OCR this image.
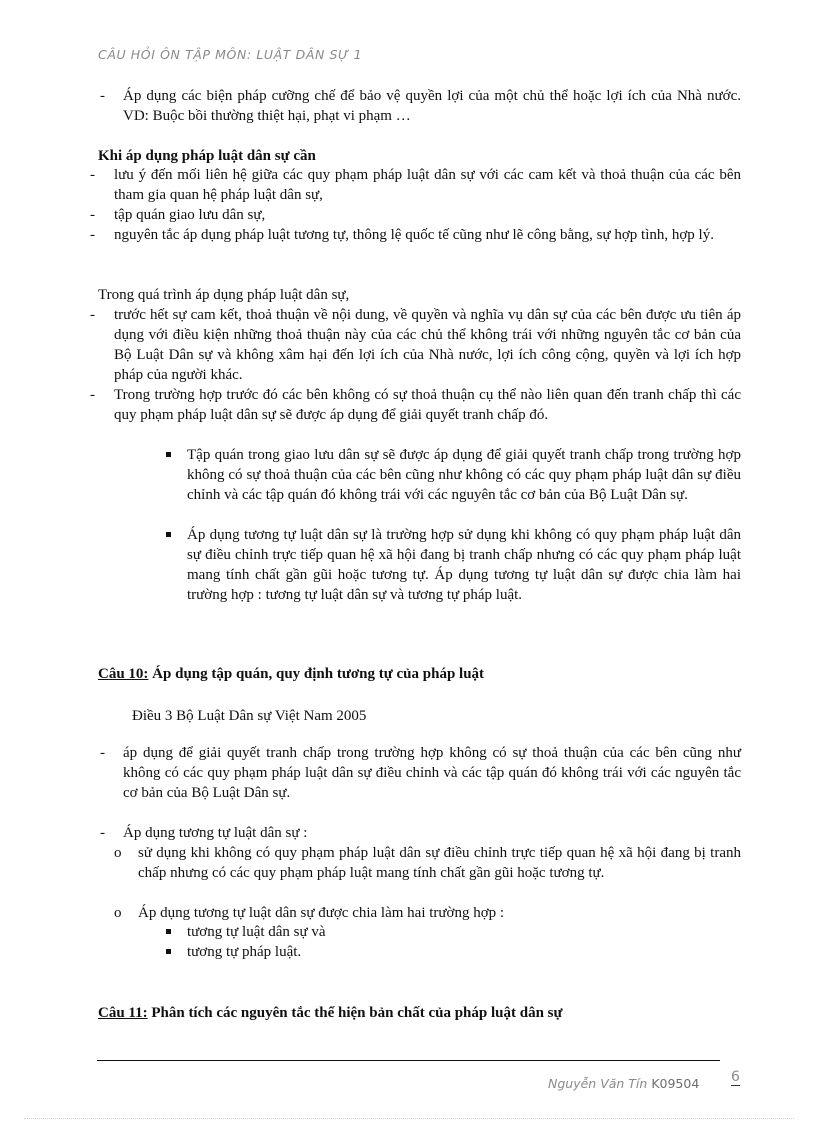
CÂU HỎI ÔN TẬP MÔN: LUẬT DÂN SỰ 1
- Áp dụng các biện pháp cưỡng chế để bảo vệ quyền lợi của một chủ thể hoặc lợi ích của Nhà nước. VD: Buộc bồi thường thiệt hại, phạt vi phạm …
Khi áp dụng pháp luật dân sự cần
- lưu ý đến mối liên hệ giữa các quy phạm pháp luật dân sự với các cam kết và thoả thuận của các bên tham gia quan hệ pháp luật dân sự,
- tập quán giao lưu dân sự,
- nguyên tắc áp dụng pháp luật tương tự, thông lệ quốc tế cũng như lẽ công bằng, sự hợp tình, hợp lý.
Trong quá trình áp dụng pháp luật dân sự,
- trước hết sự cam kết, thoả thuận về nội dung, về quyền và nghĩa vụ dân sự của các bên được ưu tiên áp dụng với điều kiện những thoả thuận này của các chủ thể không trái với những nguyên tắc cơ bản của Bộ Luật Dân sự và không xâm hại đến lợi ích của Nhà nước, lợi ích công cộng, quyền và lợi ích hợp pháp của người khác.
- Trong trường hợp trước đó các bên không có sự thoả thuận cụ thể nào liên quan đến tranh chấp thì các quy phạm pháp luật dân sự sẽ được áp dụng để giải quyết tranh chấp đó.
Tập quán trong giao lưu dân sự sẽ được áp dụng để giải quyết tranh chấp trong trường hợp không có sự thoả thuận của các bên cũng như không có các quy phạm pháp luật dân sự điều chỉnh và các tập quán đó không trái với các nguyên tắc cơ bản của Bộ Luật Dân sự.
Áp dụng tương tự luật dân sự là trường hợp sử dụng khi không có quy phạm pháp luật dân sự điều chỉnh trực tiếp quan hệ xã hội đang bị tranh chấp nhưng có các quy phạm pháp luật mang tính chất gần gũi hoặc tương tự. Áp dụng tương tự luật dân sự được chia làm hai trường hợp : tương tự luật dân sự và tương tự pháp luật.
Câu 10: Áp dụng tập quán, quy định tương tự của pháp luật
Điều 3 Bộ Luật Dân sự Việt Nam 2005
- áp dụng để giải quyết tranh chấp trong trường hợp không có sự thoả thuận của các bên cũng như không có các quy phạm pháp luật dân sự điều chỉnh và các tập quán đó không trái với các nguyên tắc cơ bản của Bộ Luật Dân sự.
- Áp dụng tương tự luật dân sự :
o sử dụng khi không có quy phạm pháp luật dân sự điều chỉnh trực tiếp quan hệ xã hội đang bị tranh chấp nhưng có các quy phạm pháp luật mang tính chất gần gũi hoặc tương tự.
o Áp dụng tương tự luật dân sự được chia làm hai trường hợp :
tương tự luật dân sự và
tương tự pháp luật.
Câu 11: Phân tích các nguyên tắc thể hiện bản chất của pháp luật dân sự
Nguyễn Văn Tín K09504 6
